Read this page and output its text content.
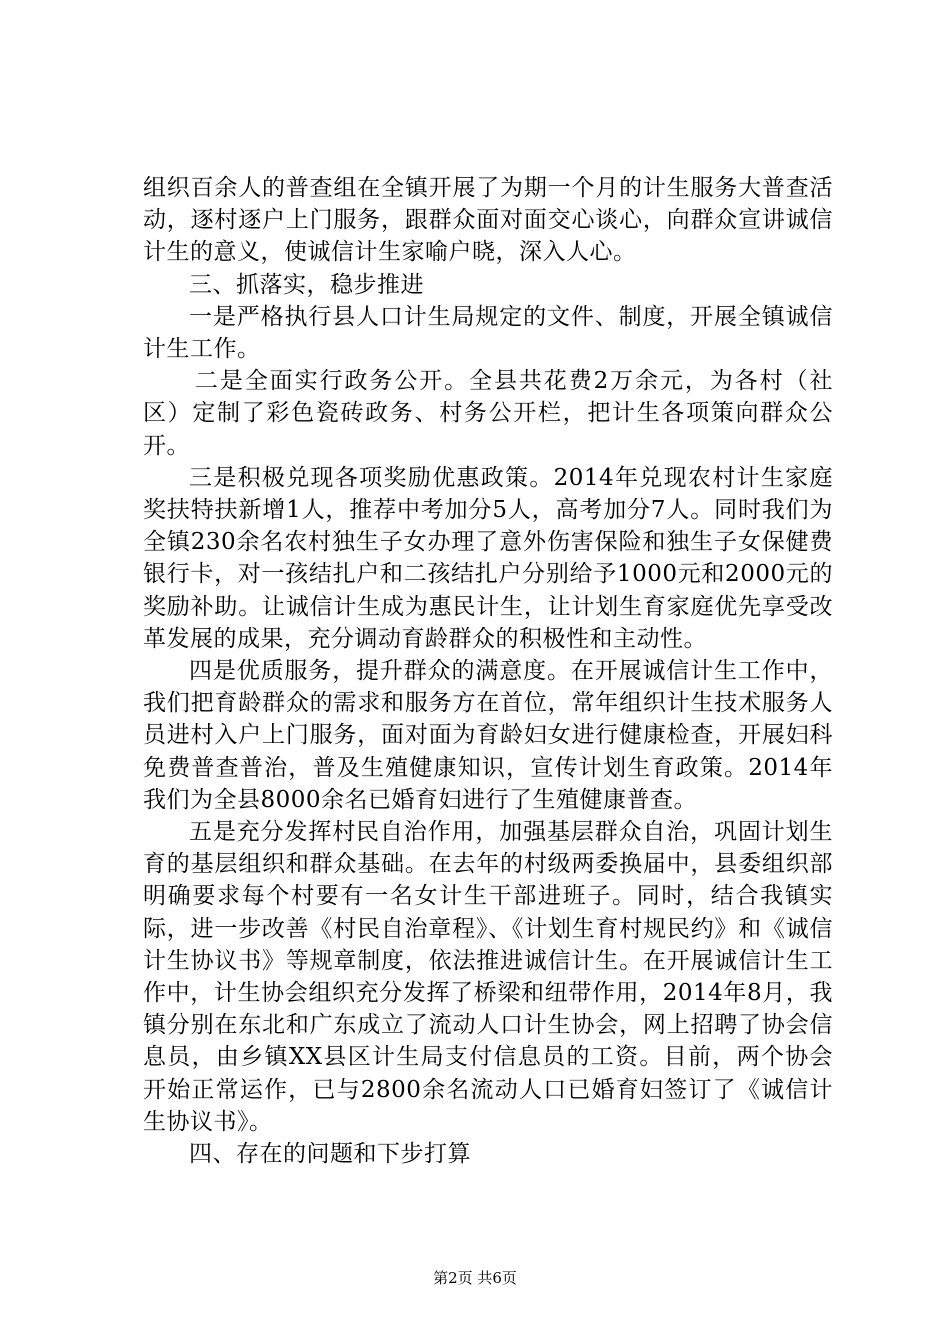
组织百余人的普查组在全镇开展了为期一个月的计生服务大普查活动，逐村逐户上门服务，跟群众面对面交心谈心，向群众宣讲诚信计生的意义，使诚信计生家喻户晓，深入人心。

三、抓落实，稳步推进

一是严格执行县人口计生局规定的文件、制度，开展全镇诚信计生工作。

二是全面实行政务公开。全县共花费2万余元，为各村（社区）定制了彩色瓷砖政务、村务公开栏，把计生各项策向群众公开。

三是积极兑现各项奖励优惠政策。2014年兑现农村计生家庭奖扶特扶新增1人，推荐中考加分5人，高考加分7人。同时我们为全镇230余名农村独生子女办理了意外伤害保险和独生子女保健费银行卡，对一孩结扎户和二孩结扎户分别给予1000元和2000元的奖励补助。让诚信计生成为惠民计生，让计划生育家庭优先享受改革发展的成果，充分调动育龄群众的积极性和主动性。

四是优质服务，提升群众的满意度。在开展诚信计生工作中，我们把育龄群众的需求和服务方在首位，常年组织计生技术服务人员进村入户上门服务，面对面为育龄妇女进行健康检查，开展妇科免费普查普治，普及生殖健康知识，宣传计划生育政策。2014年我们为全县8000余名已婚育妇进行了生殖健康普查。

五是充分发挥村民自治作用，加强基层群众自治，巩固计划生育的基层组织和群众基础。在去年的村级两委换届中，县委组织部明确要求每个村要有一名女计生干部进班子。同时，结合我镇实际，进一步改善《村民自治章程》、《计划生育村规民约》和《诚信计生协议书》等规章制度，依法推进诚信计生。在开展诚信计生工作中，计生协会组织充分发挥了桥梁和纽带作用，2014年8月，我镇分别在东北和广东成立了流动人口计生协会，网上招聘了协会信息员，由乡镇XX县区计生局支付信息员的工资。目前，两个协会开始正常运作，已与2800余名流动人口已婚育妇签订了《诚信计生协议书》。

四、存在的问题和下步打算

第2页 共6页
